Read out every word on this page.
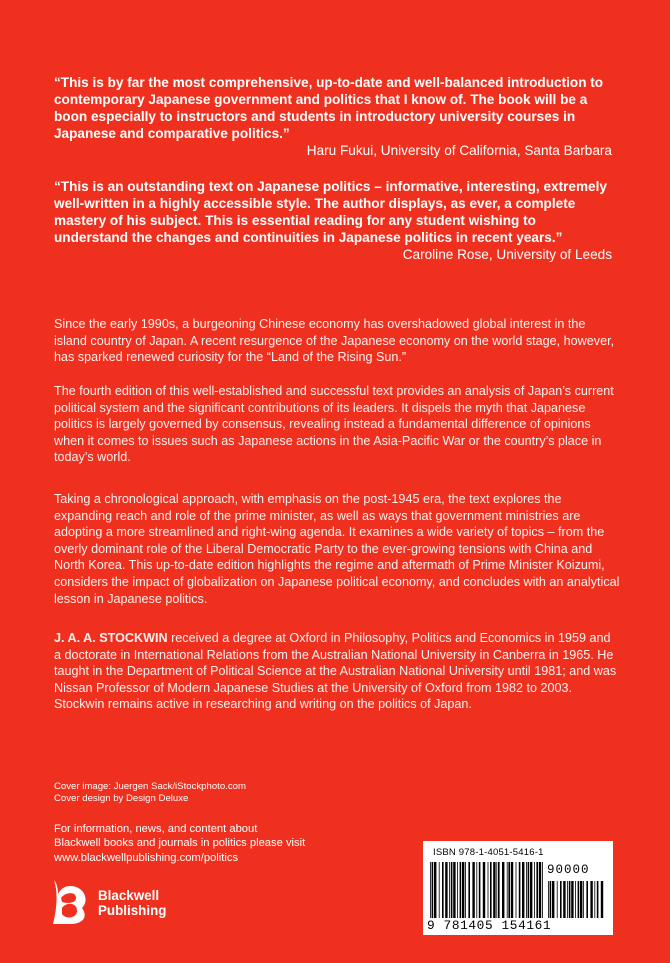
“This is by far the most comprehensive, up-to-date and well-balanced introduction to contemporary Japanese government and politics that I know of. The book will be a boon especially to instructors and students in introductory university courses in Japanese and comparative politics.”
Haru Fukui, University of California, Santa Barbara
“This is an outstanding text on Japanese politics – informative, interesting, extremely well-written in a highly accessible style. The author displays, as ever, a complete mastery of his subject. This is essential reading for any student wishing to understand the changes and continuities in Japanese politics in recent years.”
Caroline Rose, University of Leeds
Since the early 1990s, a burgeoning Chinese economy has overshadowed global interest in the island country of Japan. A recent resurgence of the Japanese economy on the world stage, however, has sparked renewed curiosity for the “Land of the Rising Sun.”
The fourth edition of this well-established and successful text provides an analysis of Japan’s current political system and the significant contributions of its leaders. It dispels the myth that Japanese politics is largely governed by consensus, revealing instead a fundamental difference of opinions when it comes to issues such as Japanese actions in the Asia-Pacific War or the country’s place in today’s world.
Taking a chronological approach, with emphasis on the post-1945 era, the text explores the expanding reach and role of the prime minister, as well as ways that government ministries are adopting a more streamlined and right-wing agenda. It examines a wide variety of topics – from the overly dominant role of the Liberal Democratic Party to the ever-growing tensions with China and North Korea. This up-to-date edition highlights the regime and aftermath of Prime Minister Koizumi, considers the impact of globalization on Japanese political economy, and concludes with an analytical lesson in Japanese politics.
J. A. A. STOCKWIN received a degree at Oxford in Philosophy, Politics and Economics in 1959 and a doctorate in International Relations from the Australian National University in Canberra in 1965. He taught in the Department of Political Science at the Australian National University until 1981; and was Nissan Professor of Modern Japanese Studies at the University of Oxford from 1982 to 2003. Stockwin remains active in researching and writing on the politics of Japan.
Cover image: Juergen Sack/iStockphoto.com
Cover design by Design Deluxe
For information, news, and content about
Blackwell books and journals in politics please visit
www.blackwellpublishing.com/politics
Blackwell
Publishing
ISBN 978-1-4051-5416-1
90000
9 781405 154161
